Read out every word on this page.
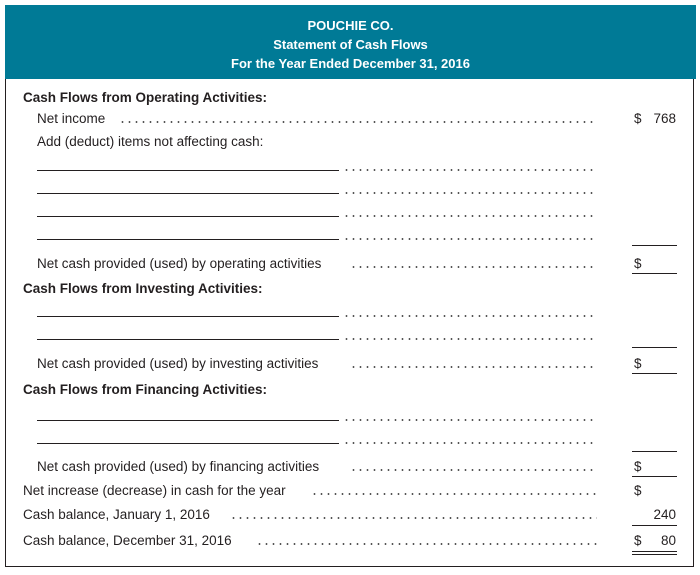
POUCHIE CO.
Statement of Cash Flows
For the Year Ended December 31, 2016
Cash Flows from Operating Activities:
Net income	$ 768
Add (deduct) items not affecting cash:
Net cash provided (used) by operating activities	$
Cash Flows from Investing Activities:
Net cash provided (used) by investing activities	$
Cash Flows from Financing Activities:
Net cash provided (used) by financing activities	$
Net increase (decrease) in cash for the year	$
Cash balance, January 1, 2016	240
Cash balance, December 31, 2016	$ 80
